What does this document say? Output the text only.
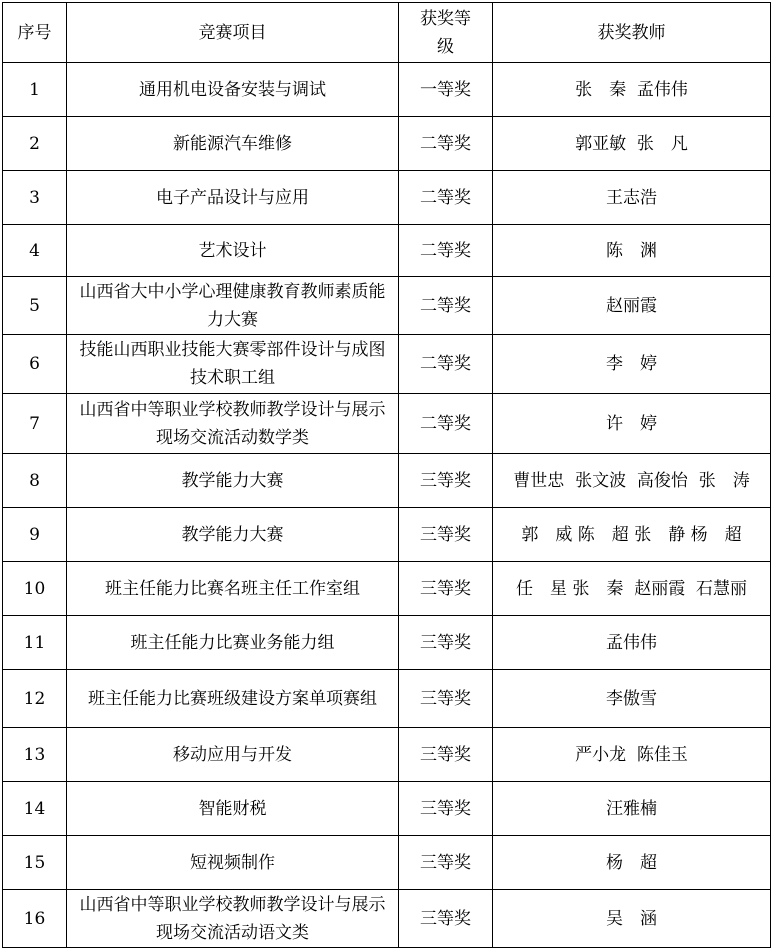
序号	竞赛项目	获奖等级	获奖教师
1	通用机电设备安装与调试	一等奖	张　秦  孟伟伟
2	新能源汽车维修	二等奖	郭亚敏  张　凡
3	电子产品设计与应用	二等奖	王志浩
4	艺术设计	二等奖	陈　渊
5	山西省大中小学心理健康教育教师素质能力大赛	二等奖	赵丽霞
6	技能山西职业技能大赛零部件设计与成图技术职工组	二等奖	李　婷
7	山西省中等职业学校教师教学设计与展示现场交流活动数学类	二等奖	许　婷
8	教学能力大赛	三等奖	曹世忠  张文波  高俊怡  张　涛
9	教学能力大赛	三等奖	郭　威 陈　超 张　静 杨　超
10	班主任能力比赛名班主任工作室组	三等奖	任　星 张　秦  赵丽霞  石慧丽
11	班主任能力比赛业务能力组	三等奖	孟伟伟
12	班主任能力比赛班级建设方案单项赛组	三等奖	李傲雪
13	移动应用与开发	三等奖	严小龙  陈佳玉
14	智能财税	三等奖	汪雅楠
15	短视频制作	三等奖	杨　超
16	山西省中等职业学校教师教学设计与展示现场交流活动语文类	三等奖	吴　涵
